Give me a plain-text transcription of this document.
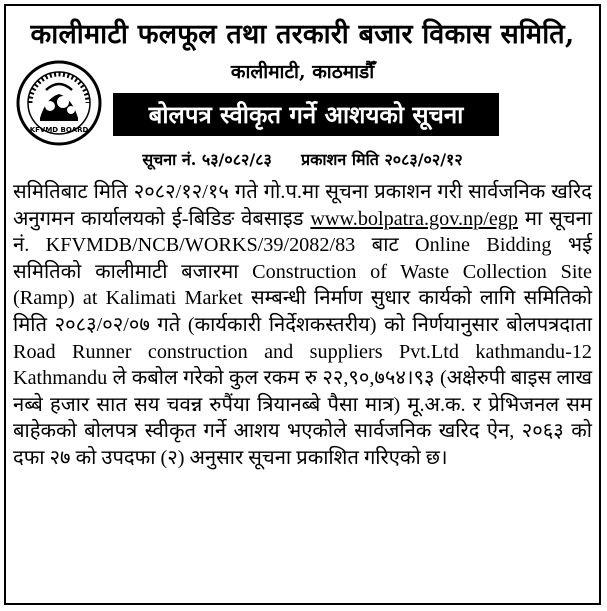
कालीमाटी फलफूल तथा तरकारी बजार विकास समिति,
कालीमाटी, काठमाडौँ
KFVMD BOARD
बोलपत्र स्वीकृत गर्ने आशयको सूचना
सूचना नं. ५३/०८२/८३ प्रकाशन मिति २०८३/०२/१२

समितिबाट मिति २०८२/१२/१५ गते गो.प.मा सूचना प्रकाशन गरी सार्वजनिक खरिद अनुगमन कार्यालयको ई-बिडिङ वेबसाइड www.bolpatra.gov.np/egp मा सूचना नं. KFVMDB/NCB/WORKS/39/2082/83 बाट Online Bidding भई समितिको कालीमाटी बजारमा Construction of Waste Collection Site (Ramp) at Kalimati Market सम्बन्धी निर्माण सुधार कार्यको लागि समितिको मिति २०८३/०२/०७ गते (कार्यकारी निर्देशकस्तरीय) को निर्णयानुसार बोलपत्रदाता Road Runner construction and suppliers Pvt.Ltd kathmandu-12 Kathmandu ले कबोल गरेको कुल रकम रु २२,९०,७५४।९३ (अक्षेरुपी बाइस लाख नब्बे हजार सात सय चवन्न रुपैंया त्रियानब्बे पैसा मात्र) मू.अ.क. र प्रेभिजनल सम बाहेकको बोलपत्र स्वीकृत गर्ने आशय भएकोले सार्वजनिक खरिद ऐन, २०६३ को दफा २७ को उपदफा (२) अनुसार सूचना प्रकाशित गरिएको छ।
